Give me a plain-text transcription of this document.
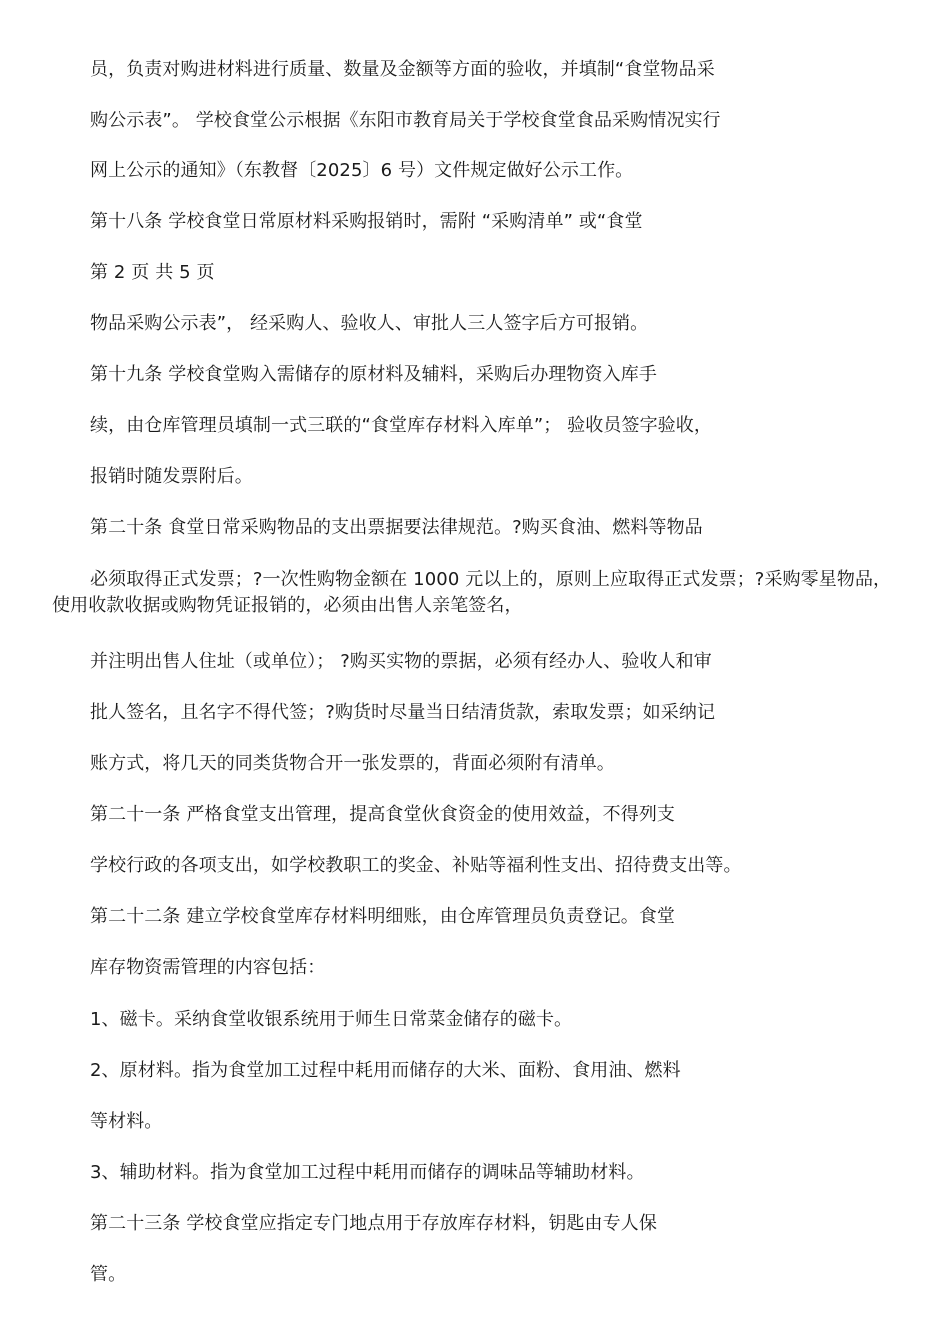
员，负责对购进材料进行质量、数量及金额等方面的验收，并填制“食堂物品采
购公示表”。 学校食堂公示根据《东阳市教育局关于学校食堂食品采购情况实行
网上公示的通知》（东教督〔2025〕6 号）文件规定做好公示工作。
第十八条 学校食堂日常原材料采购报销时，需附 “采购清单” 或“食堂
第 2 页 共 5 页
物品采购公示表”， 经采购人、验收人、审批人三人签字后方可报销。
第十九条 学校食堂购入需储存的原材料及辅料，采购后办理物资入库手
续，由仓库管理员填制一式三联的“食堂库存材料入库单”； 验收员签字验收，
报销时随发票附后。
第二十条 食堂日常采购物品的支出票据要法律规范。?购买食油、燃料等物品
必须取得正式发票；?一次性购物金额在 1000 元以上的，原则上应取得正式发票；?采购零星物品，使用收款收据或购物凭证报销的，必须由出售人亲笔签名，
并注明出售人住址（或单位）； ?购买实物的票据，必须有经办人、验收人和审
批人签名，且名字不得代签；?购货时尽量当日结清货款，索取发票；如采纳记
账方式，将几天的同类货物合开一张发票的，背面必须附有清单。
第二十一条 严格食堂支出管理，提高食堂伙食资金的使用效益，不得列支
学校行政的各项支出，如学校教职工的奖金、补贴等福利性支出、招待费支出等。
第二十二条 建立学校食堂库存材料明细账，由仓库管理员负责登记。食堂
库存物资需管理的内容包括：
1、磁卡。采纳食堂收银系统用于师生日常菜金储存的磁卡。
2、原材料。指为食堂加工过程中耗用而储存的大米、面粉、食用油、燃料
等材料。
3、辅助材料。指为食堂加工过程中耗用而储存的调味品等辅助材料。
第二十三条 学校食堂应指定专门地点用于存放库存材料，钥匙由专人保
管。
